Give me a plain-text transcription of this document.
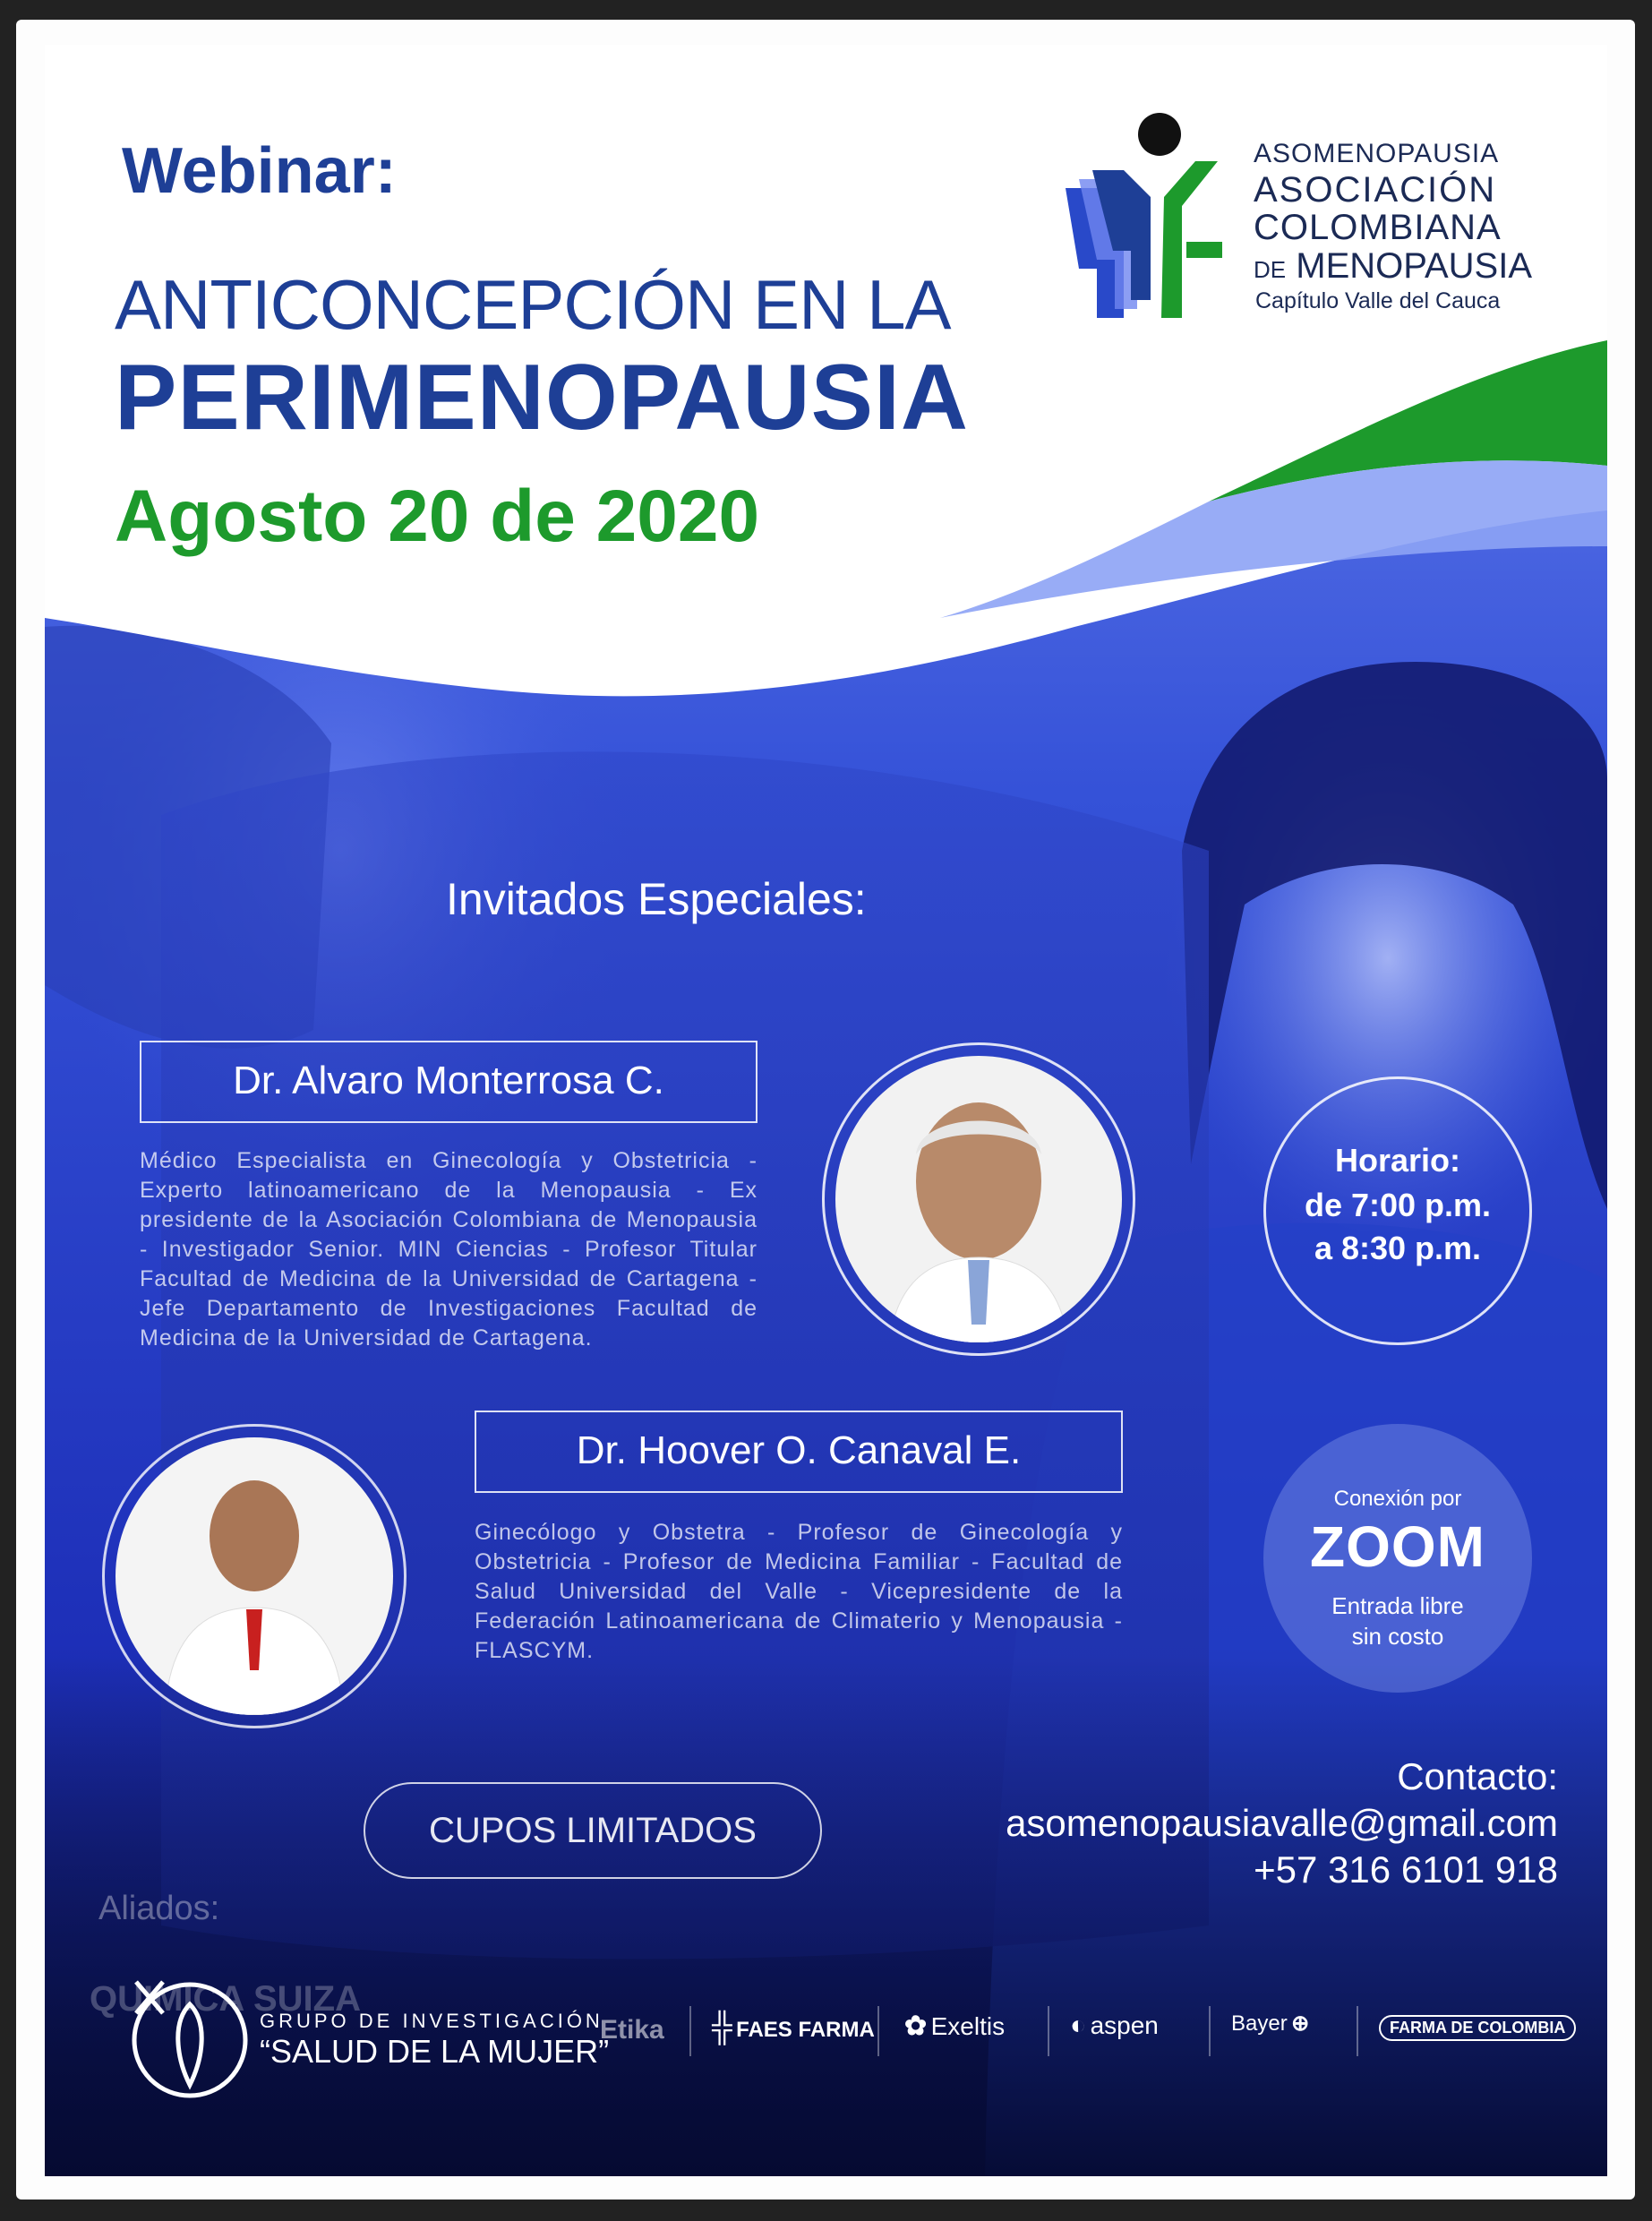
Webinar:
ANTICONCEPCIÓN EN LA
PERIMENOPAUSIA
Agosto 20 de 2020
ASOMENOPAUSIA
ASOCIACIÓN
COLOMBIANA
DE MENOPAUSIA
Capítulo Valle del Cauca
Invitados Especiales:
Dr. Alvaro Monterrosa C.
Médico Especialista en Ginecología y Obstetricia - Experto latinoamericano de la Menopausia - Ex presidente de la Asociación Colombiana de Menopausia - Investigador Senior. MIN Ciencias - Profesor Titular Facultad de Medicina de la Universidad de Cartagena - Jefe Departamento de Investigaciones Facultad de Medicina de la Universidad de Cartagena.
Horario:
de 7:00 p.m.
a 8:30 p.m.
Dr. Hoover O. Canaval E.
Ginecólogo y Obstetra - Profesor de Ginecología y Obstetricia - Profesor de Medicina Familiar - Facultad de Salud Universidad del Valle - Vicepresidente de la Federación Latinoamericana de Climaterio y Menopausia - FLASCYM.
Conexión por
ZOOM
Entrada libre
sin costo
CUPOS LIMITADOS
Contacto:
asomenopausiavalle@gmail.com
+57 316 6101 918
Aliados:
GRUPO DE INVESTIGACIÓN
“SALUD DE LA MUJER”
QUIMICA SUIZA
Etika ╬ FAES FARMA ✿ Exeltis ◐ aspen	Bayer ⊕	FARMA DE COLOMBIA
